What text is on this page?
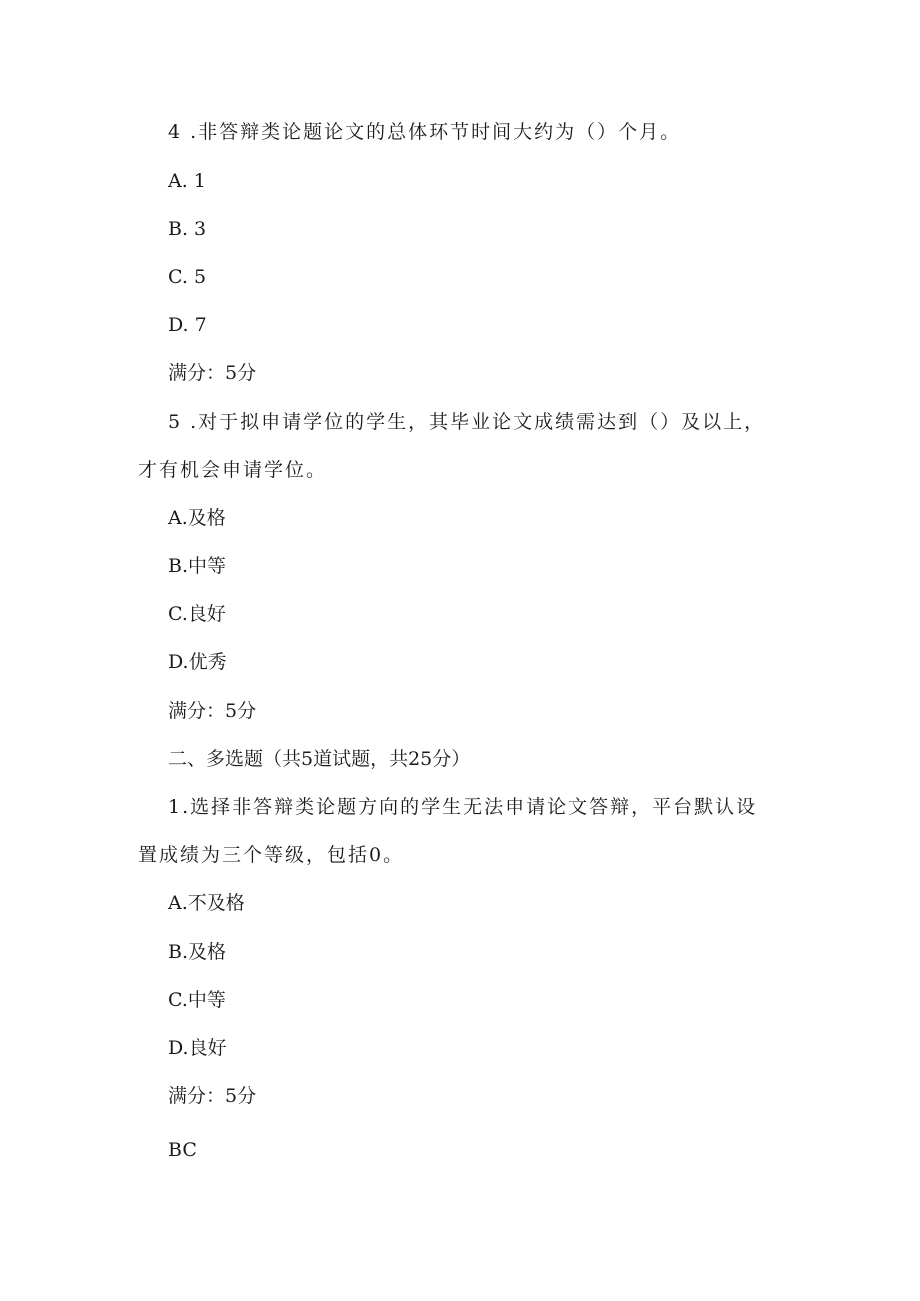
4 .非答辩类论题论文的总体环节时间大约为（）个月。
A. 1
B. 3
C. 5
D. 7
满分：5分
5 .对于拟申请学位的学生，其毕业论文成绩需达到（）及以上，
才有机会申请学位。
A.及格
B.中等
C.良好
D.优秀
满分：5分
二、多选题（共5道试题，共25分）
1.选择非答辩类论题方向的学生无法申请论文答辩，平台默认设
置成绩为三个等级，包括0。
A.不及格
B.及格
C.中等
D.良好
满分：5分
BC
